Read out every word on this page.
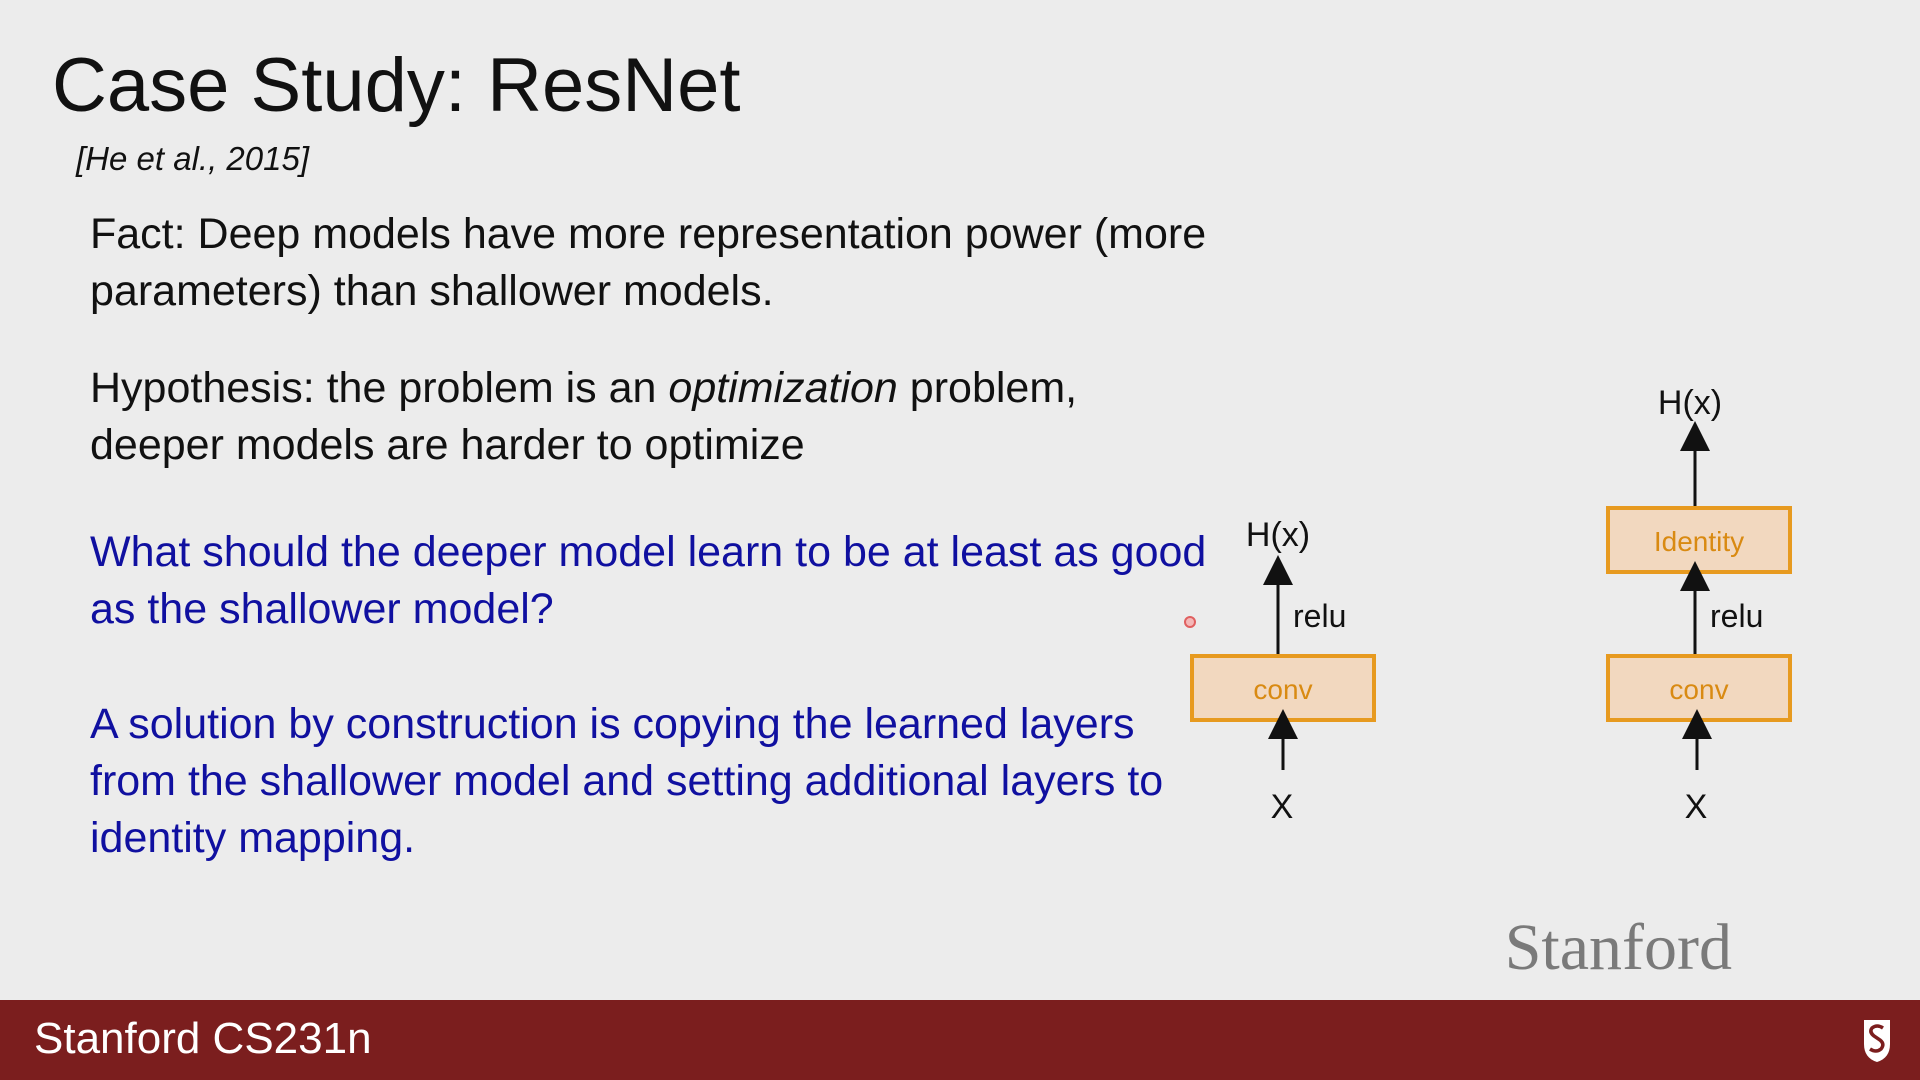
Case Study: ResNet
[He et al., 2015]

Fact: Deep models have more representation power (more parameters) than shallower models.

Hypothesis: the problem is an optimization problem, deeper models are harder to optimize

What should the deeper model learn to be at least as good as the shallower model?

A solution by construction is copying the learned layers from the shallower model and setting additional layers to identity mapping.

H(x)
relu
conv
X
H(x)
Identity
relu
conv
X
Stanford
Stanford CS231n
